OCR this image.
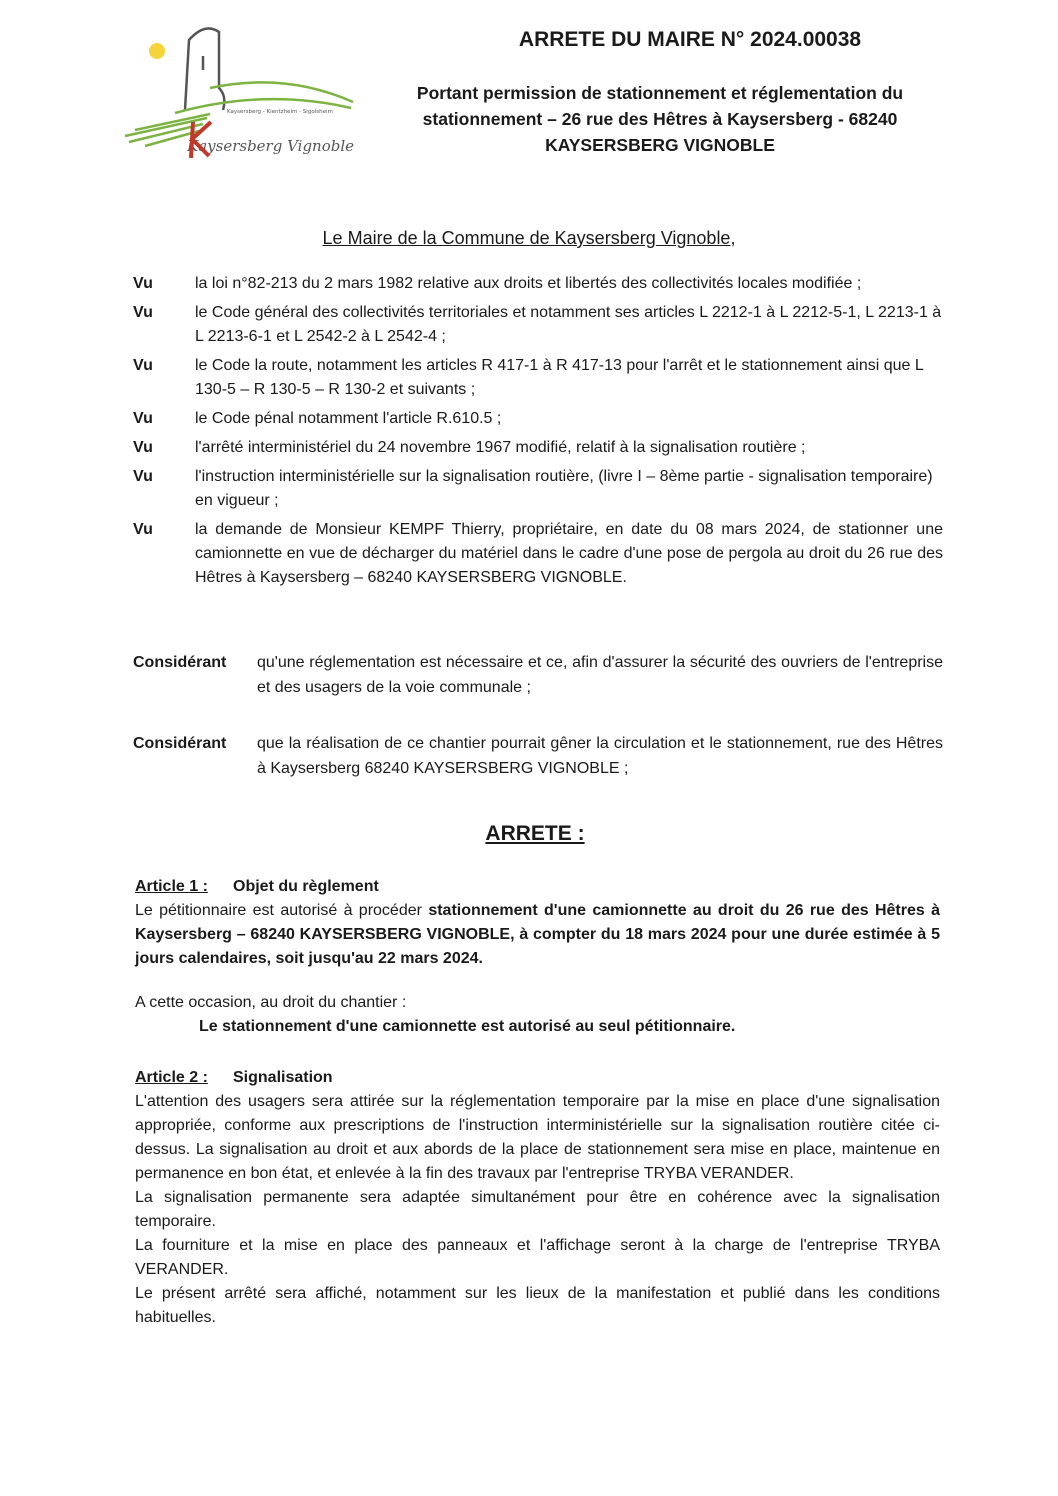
Kaysersberg - Kientzheim - Sigolsheim
Kaysersberg Vignoble
ARRETE DU MAIRE N° 2024.00038
Portant permission de stationnement et réglementation du
stationnement – 26 rue des Hêtres à Kaysersberg - 68240
KAYSERSBERG VIGNOBLE
Le Maire de la Commune de Kaysersberg Vignoble,
Vu	la loi n°82-213 du 2 mars 1982 relative aux droits et libertés des collectivités locales modifiée ;
Vu	le Code général des collectivités territoriales et notamment ses articles L 2212-1 à L 2212-5-1, L 2213-1 à L 2213-6-1 et L 2542-2 à L 2542-4 ;
Vu	le Code la route, notamment les articles R 417-1 à R 417-13 pour l'arrêt et le stationnement ainsi que L 130-5 – R 130-5 – R 130-2 et suivants ;
Vu	le Code pénal notamment l'article R.610.5 ;
Vu	l'arrêté interministériel du 24 novembre 1967 modifié, relatif à la signalisation routière ;
Vu	l'instruction interministérielle sur la signalisation routière, (livre I – 8ème partie - signalisation temporaire) en vigueur ;
Vu	la demande de Monsieur KEMPF Thierry, propriétaire, en date du 08 mars 2024, de stationner une camionnette en vue de décharger du matériel dans le cadre d'une pose de pergola au droit du 26 rue des Hêtres à Kaysersberg – 68240 KAYSERSBERG VIGNOBLE.
Considérant	qu'une réglementation est nécessaire et ce, afin d'assurer la sécurité des ouvriers de l'entreprise et des usagers de la voie communale ;
Considérant	que la réalisation de ce chantier pourrait gêner la circulation et le stationnement, rue des Hêtres à Kaysersberg 68240 KAYSERSBERG VIGNOBLE ;
ARRETE :
Article 1 : Objet du règlement
Le pétitionnaire est autorisé à procéder stationnement d'une camionnette au droit du 26 rue des Hêtres à Kaysersberg – 68240 KAYSERSBERG VIGNOBLE, à compter du 18 mars 2024 pour une durée estimée à 5 jours calendaires, soit jusqu'au 22 mars 2024.
A cette occasion, au droit du chantier :
Le stationnement d'une camionnette est autorisé au seul pétitionnaire.
Article 2 : Signalisation
L'attention des usagers sera attirée sur la réglementation temporaire par la mise en place d'une signalisation appropriée, conforme aux prescriptions de l'instruction interministérielle sur la signalisation routière citée ci-dessus. La signalisation au droit et aux abords de la place de stationnement sera mise en place, maintenue en permanence en bon état, et enlevée à la fin des travaux par l'entreprise TRYBA VERANDER.
La signalisation permanente sera adaptée simultanément pour être en cohérence avec la signalisation temporaire.
La fourniture et la mise en place des panneaux et l'affichage seront à la charge de l'entreprise TRYBA VERANDER.
Le présent arrêté sera affiché, notamment sur les lieux de la manifestation et publié dans les conditions habituelles.
